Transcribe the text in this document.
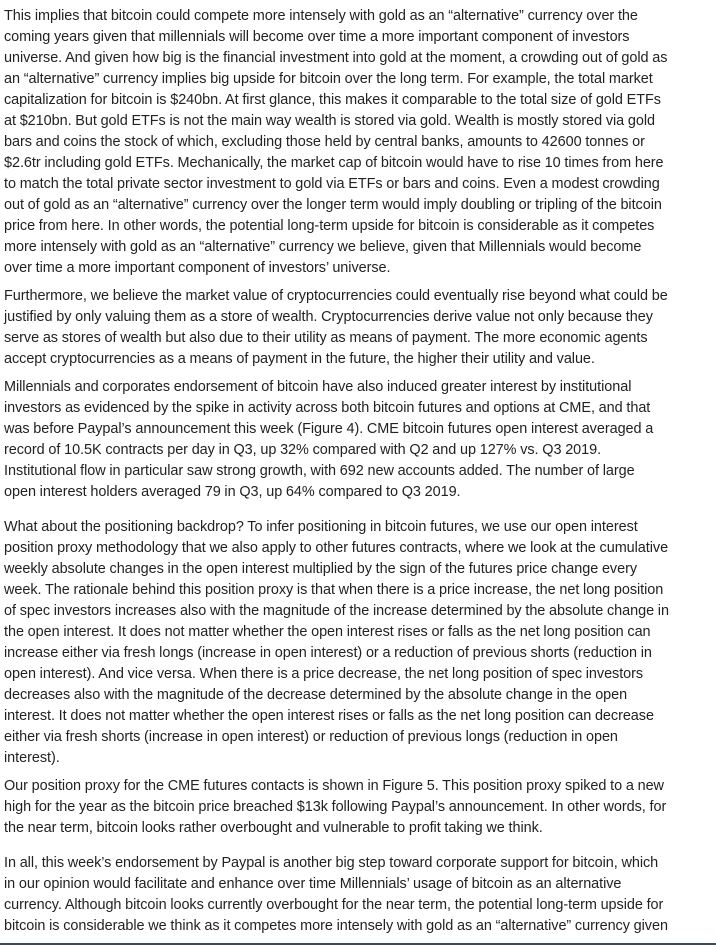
This implies that bitcoin could compete more intensely with gold as an “alternative” currency over the
coming years given that millennials will become over time a more important component of investors
universe. And given how big is the financial investment into gold at the moment, a crowding out of gold as
an “alternative” currency implies big upside for bitcoin over the long term. For example, the total market
capitalization for bitcoin is $240bn. At first glance, this makes it comparable to the total size of gold ETFs
at $210bn. But gold ETFs is not the main way wealth is stored via gold. Wealth is mostly stored via gold
bars and coins the stock of which, excluding those held by central banks, amounts to 42600 tonnes or
$2.6tr including gold ETFs. Mechanically, the market cap of bitcoin would have to rise 10 times from here
to match the total private sector investment to gold via ETFs or bars and coins. Even a modest crowding
out of gold as an “alternative” currency over the longer term would imply doubling or tripling of the bitcoin
price from here. In other words, the potential long-term upside for bitcoin is considerable as it competes
more intensely with gold as an “alternative” currency we believe, given that Millennials would become
over time a more important component of investors’ universe.

Furthermore, we believe the market value of cryptocurrencies could eventually rise beyond what could be
justified by only valuing them as a store of wealth. Cryptocurrencies derive value not only because they
serve as stores of wealth but also due to their utility as means of payment. The more economic agents
accept cryptocurrencies as a means of payment in the future, the higher their utility and value.

Millennials and corporates endorsement of bitcoin have also induced greater interest by institutional
investors as evidenced by the spike in activity across both bitcoin futures and options at CME, and that
was before Paypal’s announcement this week (Figure 4). CME bitcoin futures open interest averaged a
record of 10.5K contracts per day in Q3, up 32% compared with Q2 and up 127% vs. Q3 2019.
Institutional flow in particular saw strong growth, with 692 new accounts added. The number of large
open interest holders averaged 79 in Q3, up 64% compared to Q3 2019.

What about the positioning backdrop? To infer positioning in bitcoin futures, we use our open interest
position proxy methodology that we also apply to other futures contracts, where we look at the cumulative
weekly absolute changes in the open interest multiplied by the sign of the futures price change every
week. The rationale behind this position proxy is that when there is a price increase, the net long position
of spec investors increases also with the magnitude of the increase determined by the absolute change in
the open interest. It does not matter whether the open interest rises or falls as the net long position can
increase either via fresh longs (increase in open interest) or a reduction of previous shorts (reduction in
open interest). And vice versa. When there is a price decrease, the net long position of spec investors
decreases also with the magnitude of the decrease determined by the absolute change in the open
interest. It does not matter whether the open interest rises or falls as the net long position can decrease
either via fresh shorts (increase in open interest) or reduction of previous longs (reduction in open
interest).

Our position proxy for the CME futures contacts is shown in Figure 5. This position proxy spiked to a new
high for the year as the bitcoin price breached $13k following Paypal’s announcement. In other words, for
the near term, bitcoin looks rather overbought and vulnerable to profit taking we think.

In all, this week’s endorsement by Paypal is another big step toward corporate support for bitcoin, which
in our opinion would facilitate and enhance over time Millennials’ usage of bitcoin as an alternative
currency. Although bitcoin looks currently overbought for the near term, the potential long-term upside for
bitcoin is considerable we think as it competes more intensely with gold as an “alternative” currency given
